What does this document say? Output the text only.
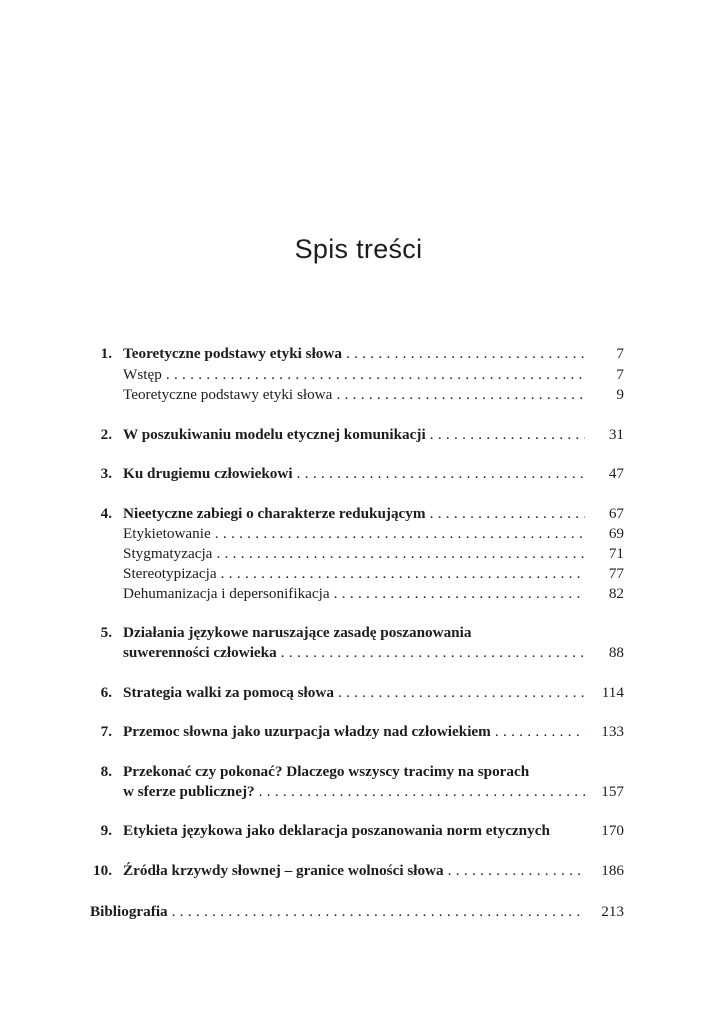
Spis treści
1. Teoretyczne podstawy etyki słowa . . .	7
Wstęp . . .	7
Teoretyczne podstawy etyki słowa . . .	9
2. W poszukiwaniu modelu etycznej komunikacji . . .	31
3. Ku drugiemu człowiekowi . . .	47
4. Nieetyczne zabiegi o charakterze redukującym . . .	67
Etykietowanie . . .	69
Stygmatyzacja . . .	71
Stereotypizacja . . .	77
Dehumanizacja i depersonifikacja . . .	82
5. Działania językowe naruszające zasadę poszanowania
suwerenności człowieka . . .	88
6. Strategia walki za pomocą słowa . . .	114
7. Przemoc słowna jako uzurpacja władzy nad człowiekiem . . .	133
8. Przekonać czy pokonać? Dlaczego wszyscy tracimy na sporach
w sferze publicznej? . . .	157
9. Etykieta językowa jako deklaracja poszanowania norm etycznych	170
10. Źródła krzywdy słownej – granice wolności słowa . . .	186
Bibliografia . . .	213
